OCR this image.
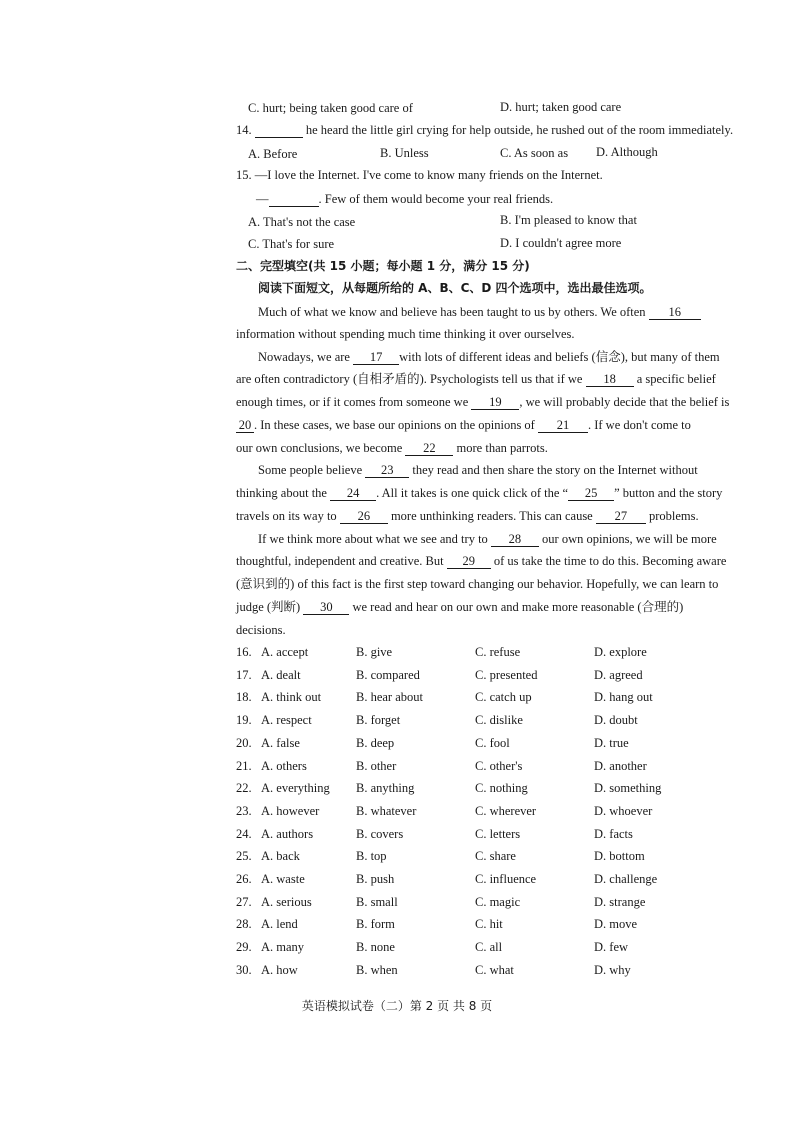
C. hurt; being taken good care of	D. hurt; taken good care
14.	he heard the little girl crying for help outside, he rushed out of the room immediately.
A. Before	B. Unless	C. As soon as D. Although
15. —I love the Internet. I've come to know many friends on the Internet.
—	. Few of them would become your real friends.
A. That's not the case	B. I'm pleased to know that
C. That's for sure	D. I couldn't agree more
二、完型填空(共 15 小题；每小题 1 分，满分 15 分)
阅读下面短文，从每题所给的 A、B、C、D 四个选项中，选出最佳选项。
Much of what we know and believe has been taught to us by others. We often 16
information without spending much time thinking it over ourselves.
Nowadays, we are 17 with lots of different ideas and beliefs (信念), but many of them
are often contradictory (自相矛盾的). Psychologists tell us that if we 18 a specific belief
enough times, or if it comes from someone we 19 , we will probably decide that the belief is
20 . In these cases, we base our opinions on the opinions of 21 . If we don't come to
our own conclusions, we become 22 more than parrots.
Some people believe 23 they read and then share the story on the Internet without
thinking about the 24 . All it takes is one quick click of the “ 25 ” button and the story
travels on its way to 26 more unthinking readers. This can cause 27 problems.
If we think more about what we see and try to 28 our own opinions, we will be more
thoughtful, independent and creative. But 29 of us take the time to do this. Becoming aware
(意识到的) of this fact is the first step toward changing our behavior. Hopefully, we can learn to
judge (判断) 30 we read and hear on our own and make more reasonable (合理的)
decisions.
16. A. accept	B. give	C. refuse	D. explore
17. A. dealt	B. compared	C. presented	D. agreed
18. A. think out	B. hear about	C. catch up	D. hang out
19. A. respect	B. forget	C. dislike	D. doubt
20. A. false	B. deep	C. fool	D. true
21. A. others	B. other	C. other's	D. another
22. A. everything B. anything	C. nothing	D. something
23. A. however	B. whatever	C. wherever	D. whoever
24. A. authors	B. covers	C. letters	D. facts
25. A. back	B. top	C. share	D. bottom
26. A. waste	B. push	C. influence	D. challenge
27. A. serious	B. small	C. magic	D. strange
28. A. lend	B. form	C. hit	D. move
29. A. many	B. none	C. all	D. few
30. A. how	B. when	C. what	D. why
英语模拟试卷（二）第 2 页 共 8 页
